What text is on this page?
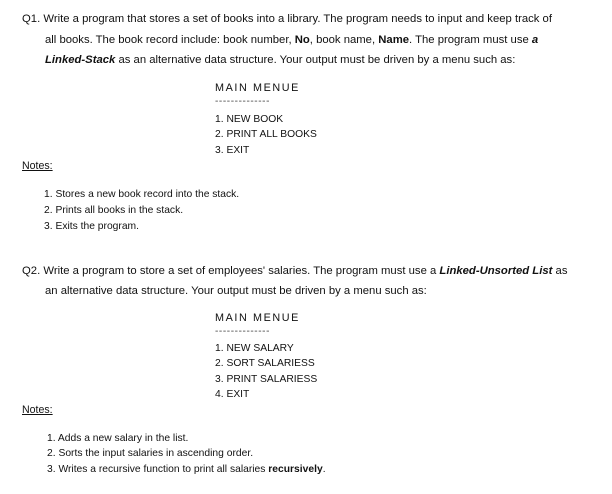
Q1. Write a program that stores a set of books into a library. The program needs to input and keep track of
all books. The book record include: book number, No, book name, Name. The program must use a
Linked-Stack as an alternative data structure. Your output must be driven by a menu such as:
MAIN MENUE
--------------
1. NEW BOOK
2. PRINT ALL BOOKS
3. EXIT
Notes:
1. Stores a new book record into the stack.
2. Prints all books in the stack.
3. Exits the program.
Q2. Write a program to store a set of employees' salaries. The program must use a Linked-Unsorted List as
an alternative data structure. Your output must be driven by a menu such as:
MAIN MENUE
--------------
1. NEW SALARY
2. SORT SALARIESS
3. PRINT SALARIESS
4. EXIT
Notes:
1. Adds a new salary in the list.
2. Sorts the input salaries in ascending order.
3. Writes a recursive function to print all salaries recursively.
